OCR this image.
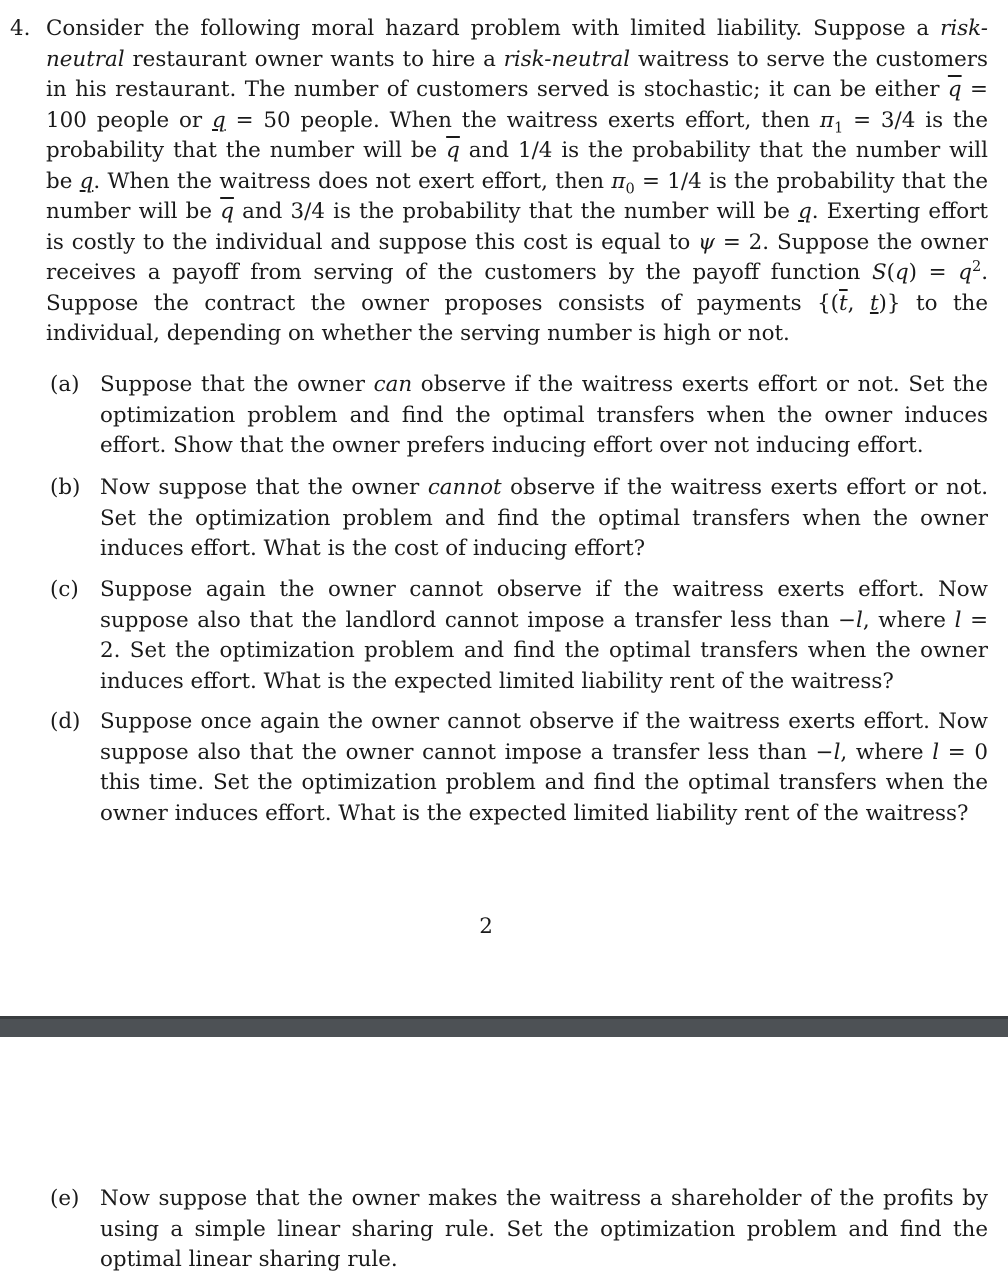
4. Consider the following moral hazard problem with limited liability. Suppose a risk-neutral restaurant owner wants to hire a risk-neutral waitress to serve the customers in his restaurant. The number of customers served is stochastic; it can be either $\overline{q} = 100$ people or q = 50 people. When the waitress exerts effort, then $\pi_1 = 3/4$ is the probability that the number will be $\overline{q}$ and 1/4 is the probability that the number will be q. When the waitress does not exert effort, then $\pi_0 = 1/4$ is the probability that the number will be $\overline{q}$ and 3/4 is the probability that the number will be q. Exerting effort is costly to the individual and suppose this cost is equal to ψ = 2. Suppose the owner receives a payoff from serving of the customers by the payoff function $S(q) = q^2$. Suppose the contract the owner proposes consists of payments {($\overline{t}$, t)} to the individual, depending on whether the serving number is high or not.
(a) Suppose that the owner can observe if the waitress exerts effort or not. Set the optimization problem and find the optimal transfers when the owner induces effort. Show that the owner prefers inducing effort over not inducing effort.
(b) Now suppose that the owner cannot observe if the waitress exerts effort or not. Set the optimization problem and find the optimal transfers when the owner induces effort. What is the cost of inducing effort?
(c) Suppose again the owner cannot observe if the waitress exerts effort. Now suppose also that the landlord cannot impose a transfer less than −l, where l = 2. Set the optimization problem and find the optimal transfers when the owner induces effort. What is the expected limited liability rent of the waitress?
(d) Suppose once again the owner cannot observe if the waitress exerts effort. Now suppose also that the owner cannot impose a transfer less than −l, where l = 0 this time. Set the optimization problem and find the optimal transfers when the owner induces effort. What is the expected limited liability rent of the waitress?
2
(e) Now suppose that the owner makes the waitress a shareholder of the profits by using a simple linear sharing rule. Set the optimization problem and find the optimal linear sharing rule.
